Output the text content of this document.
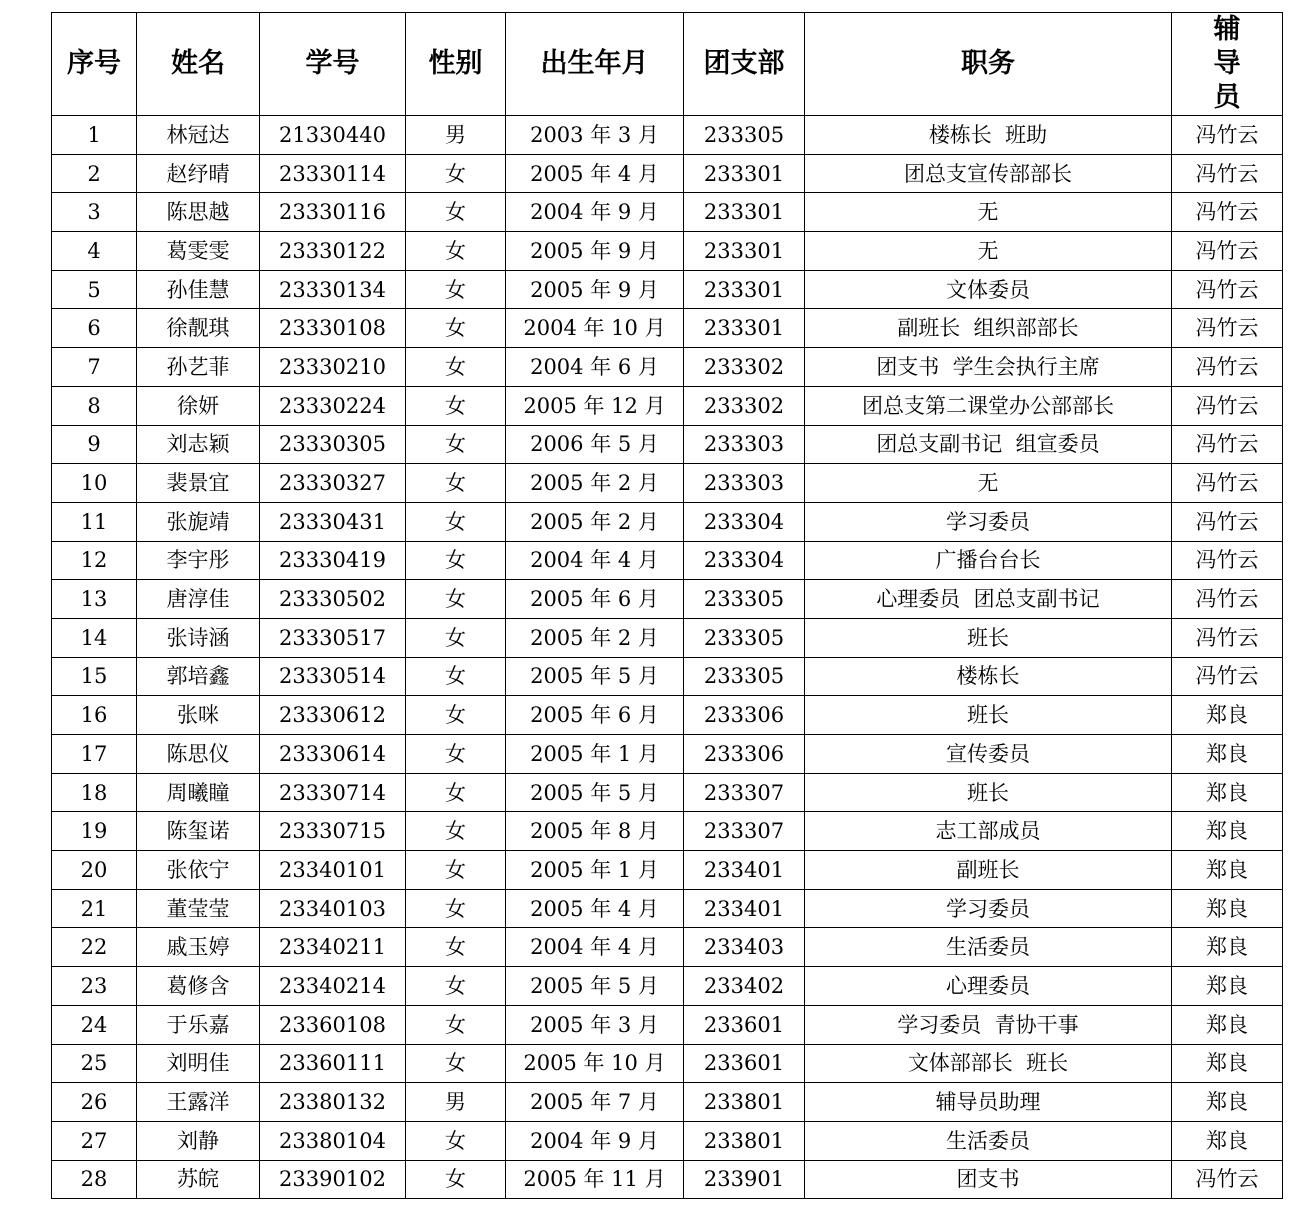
序号	姓名	学号	性别	出生年月	团支部	职务	辅导员
1	林冠达	21330440	男	2003 年 3 月	233305	楼栋长  班助	冯竹云
2	赵纾晴	23330114	女	2005 年 4 月	233301	团总支宣传部部长	冯竹云
3	陈思越	23330116	女	2004 年 9 月	233301	无	冯竹云
4	葛雯雯	23330122	女	2005 年 9 月	233301	无	冯竹云
5	孙佳慧	23330134	女	2005 年 9 月	233301	文体委员	冯竹云
6	徐靓琪	23330108	女	2004 年 10 月	233301	副班长  组织部部长	冯竹云
7	孙艺菲	23330210	女	2004 年 6 月	233302	团支书  学生会执行主席	冯竹云
8	徐妍	23330224	女	2005 年 12 月	233302	团总支第二课堂办公部部长	冯竹云
9	刘志颖	23330305	女	2006 年 5 月	233303	团总支副书记  组宣委员	冯竹云
10	裴景宜	23330327	女	2005 年 2 月	233303	无	冯竹云
11	张旎靖	23330431	女	2005 年 2 月	233304	学习委员	冯竹云
12	李宇彤	23330419	女	2004 年 4 月	233304	广播台台长	冯竹云
13	唐淳佳	23330502	女	2005 年 6 月	233305	心理委员  团总支副书记	冯竹云
14	张诗涵	23330517	女	2005 年 2 月	233305	班长	冯竹云
15	郭培鑫	23330514	女	2005 年 5 月	233305	楼栋长	冯竹云
16	张咪	23330612	女	2005 年 6 月	233306	班长	郑良
17	陈思仪	23330614	女	2005 年 1 月	233306	宣传委员	郑良
18	周曦瞳	23330714	女	2005 年 5 月	233307	班长	郑良
19	陈玺诺	23330715	女	2005 年 8 月	233307	志工部成员	郑良
20	张依宁	23340101	女	2005 年 1 月	233401	副班长	郑良
21	董莹莹	23340103	女	2005 年 4 月	233401	学习委员	郑良
22	戚玉婷	23340211	女	2004 年 4 月	233403	生活委员	郑良
23	葛修含	23340214	女	2005 年 5 月	233402	心理委员	郑良
24	于乐嘉	23360108	女	2005 年 3 月	233601	学习委员  青协干事	郑良
25	刘明佳	23360111	女	2005 年 10 月	233601	文体部部长  班长	郑良
26	王露洋	23380132	男	2005 年 7 月	233801	辅导员助理	郑良
27	刘静	23380104	女	2004 年 9 月	233801	生活委员	郑良
28	苏皖	23390102	女	2005 年 11 月	233901	团支书	冯竹云
